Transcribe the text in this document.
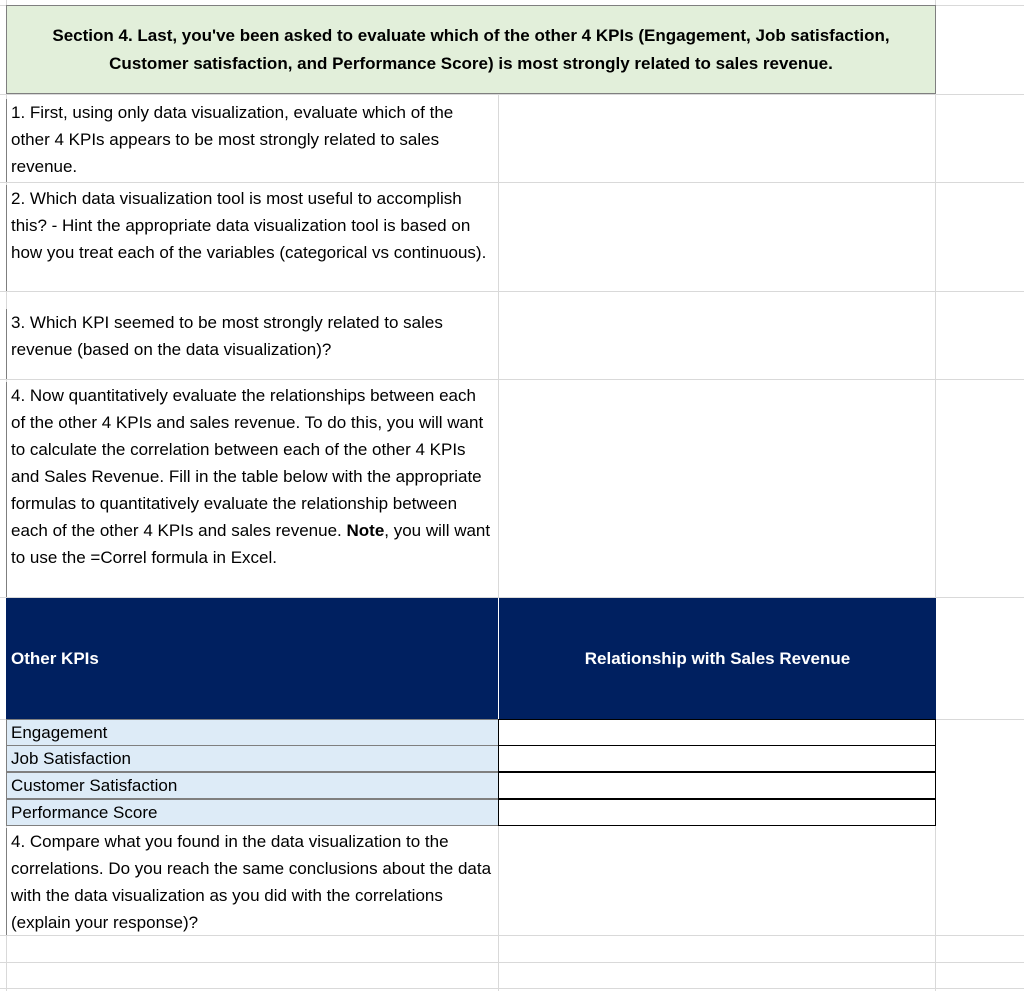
Section 4. Last, you've been asked to evaluate which of the other 4 KPIs (Engagement, Job satisfaction, Customer satisfaction, and Performance Score) is most strongly related to sales revenue.
1. First, using only data visualization, evaluate which of the other 4 KPIs appears to be most strongly related to sales revenue.
2. Which data visualization tool is most useful to accomplish this? - Hint the appropriate data visualization tool is based on how you treat each of the variables (categorical vs continuous).
3. Which KPI seemed to be most strongly related to sales revenue (based on the data visualization)?
4. Now quantitatively evaluate the relationships between each of the other 4 KPIs and sales revenue. To do this, you will want to calculate the correlation between each of the other 4 KPIs and Sales Revenue. Fill in the table below with the appropriate formulas to quantitatively evaluate the relationship between each of the other 4 KPIs and sales revenue. Note, you will want to use the =Correl formula in Excel.
Other KPIs	Relationship with Sales Revenue
Engagement
Job Satisfaction
Customer Satisfaction
Performance Score
4. Compare what you found in the data visualization to the correlations. Do you reach the same conclusions about the data with the data visualization as you did with the correlations (explain your response)?
